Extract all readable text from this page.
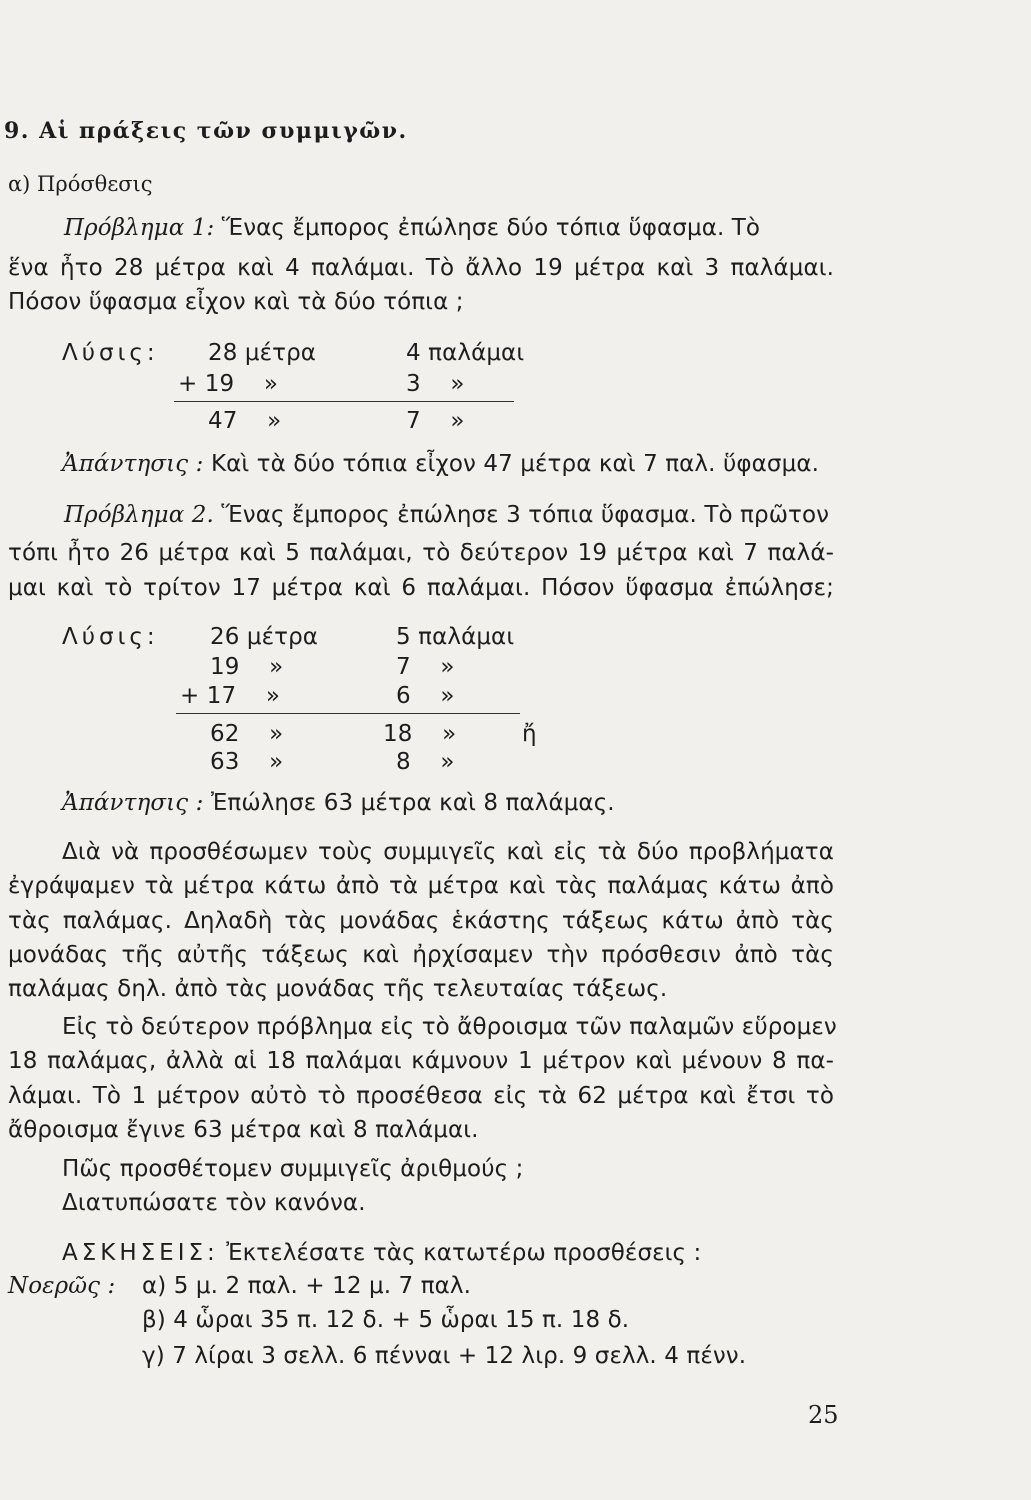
9. Αἱ πράξεις τῶν συμμιγῶν.
α) Πρόσθεσις
Πρόβλημα 1: Ἕνας ἔμπορος ἐπώλησε δύο τόπια ὕφασμα. Τὸ
ἕνα ἦτο 28 μέτρα καὶ 4 παλάμαι. Τὸ ἄλλο 19 μέτρα καὶ 3 παλάμαι.
Πόσον ὕφασμα εἶχον καὶ τὰ δύο τόπια ;
Λύσις: 28 μέτρα	4 παλάμαι
+ 19    »	3    »
47    »	7    »
Ἀπάντησις : Καὶ τὰ δύο τόπια εἶχον 47 μέτρα καὶ 7 παλ. ὕφασμα.
Πρόβλημα 2. Ἕνας ἔμπορος ἐπώλησε 3 τόπια ὕφασμα. Τὸ πρῶτον
τόπι ἦτο 26 μέτρα καὶ 5 παλάμαι, τὸ δεύτερον 19 μέτρα καὶ 7 παλά-
μαι καὶ τὸ τρίτον 17 μέτρα καὶ 6 παλάμαι. Πόσον ὕφασμα ἐπώλησε;
Λύσις: 26 μέτρα	5 παλάμαι
19    »	7    »
+ 17    »	6    »
62    »	18    »	ἤ
63    »	8    »
Ἀπάντησις : Ἐπώλησε 63 μέτρα καὶ 8 παλάμας.
Διὰ νὰ προσθέσωμεν τοὺς συμμιγεῖς καὶ εἰς τὰ δύο προβλήματα
ἐγράψαμεν τὰ μέτρα κάτω ἀπὸ τὰ μέτρα καὶ τὰς παλάμας κάτω ἀπὸ
τὰς παλάμας. Δηλαδὴ τὰς μονάδας ἑκάστης τάξεως κάτω ἀπὸ τὰς
μονάδας τῆς αὐτῆς τάξεως καὶ ἠρχίσαμεν τὴν πρόσθεσιν ἀπὸ τὰς
παλάμας δηλ. ἀπὸ τὰς μονάδας τῆς τελευταίας τάξεως.
Εἰς τὸ δεύτερον πρόβλημα εἰς τὸ ἄθροισμα τῶν παλαμῶν εὕρομεν
18 παλάμας, ἀλλὰ αἱ 18 παλάμαι κάμνουν 1 μέτρον καὶ μένουν 8 πα-
λάμαι. Τὸ 1 μέτρον αὐτὸ τὸ προσέθεσα εἰς τὰ 62 μέτρα καὶ ἔτσι τὸ
ἄθροισμα ἔγινε 63 μέτρα καὶ 8 παλάμαι.
Πῶς προσθέτομεν συμμιγεῖς ἀριθμούς ;
Διατυπώσατε τὸν κανόνα.
ΑΣΚΗΣΕΙΣ: Ἐκτελέσατε τὰς κατωτέρω προσθέσεις :
Νοερῶς : α) 5 μ. 2 παλ. + 12 μ. 7 παλ.
β) 4 ὧραι 35 π. 12 δ. + 5 ὧραι 15 π. 18 δ.
γ) 7 λίραι 3 σελλ. 6 πένναι + 12 λιρ. 9 σελλ. 4 πένν.
25
